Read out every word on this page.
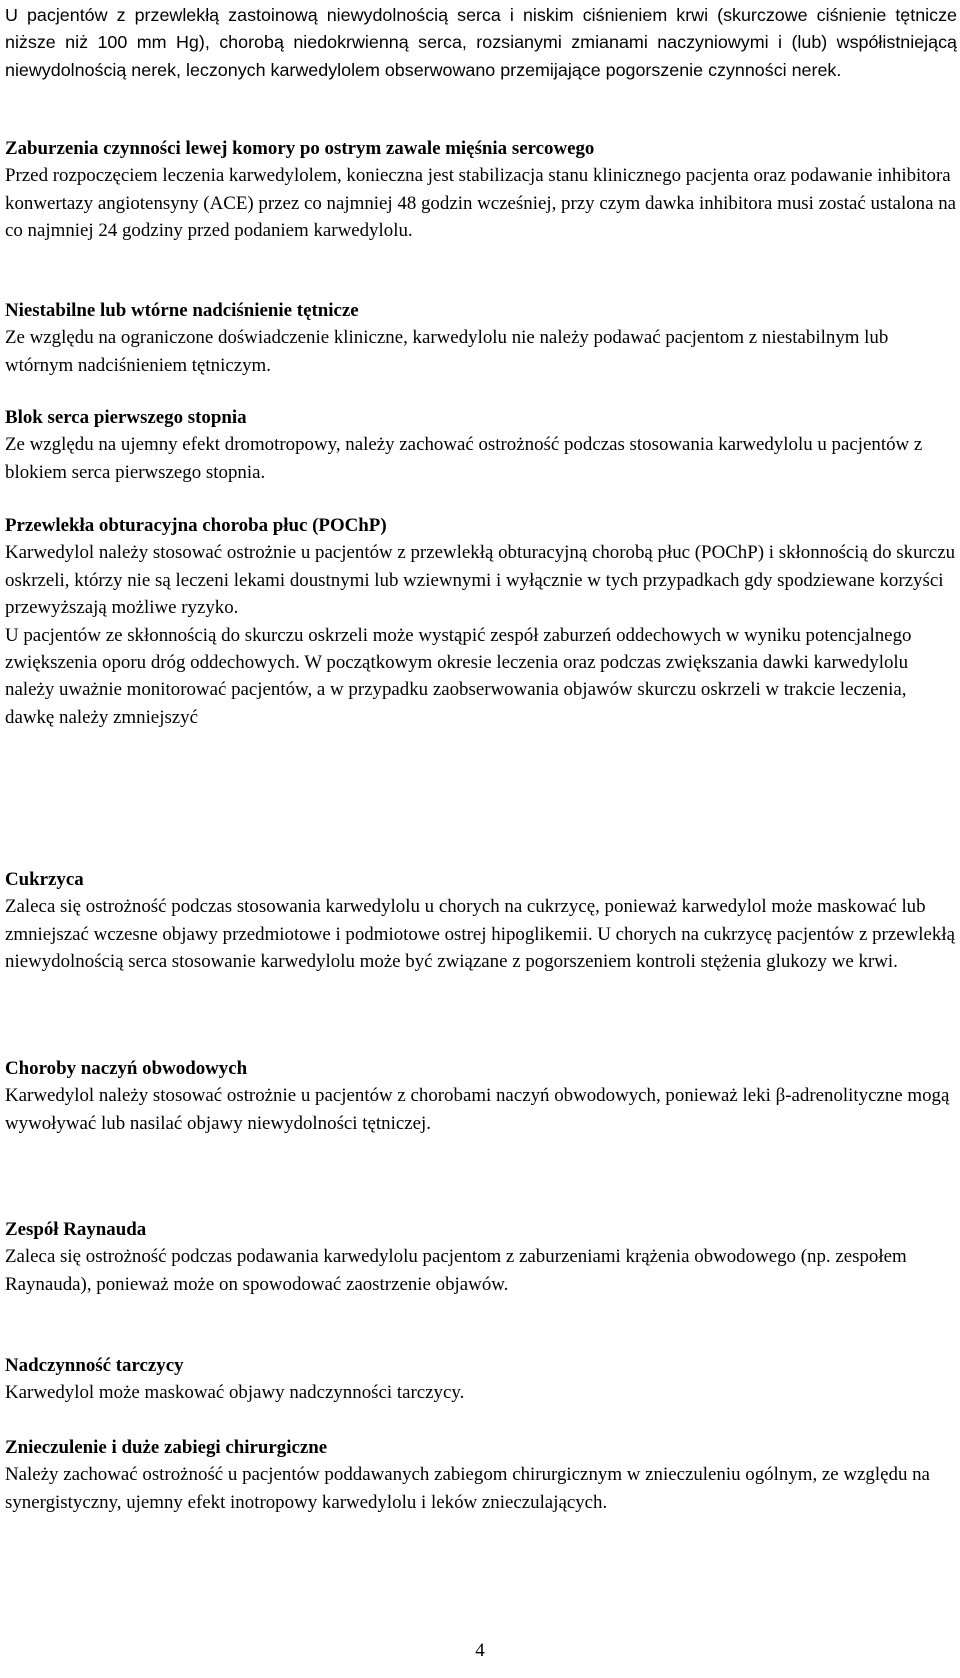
U pacjentów z przewlekłą zastoinową niewydolnością serca i niskim ciśnieniem krwi (skurczowe ciśnienie tętnicze niższe niż 100 mm Hg), chorobą niedokrwienną serca, rozsianymi zmianami naczyniowymi i (lub) współistniejącą niewydolnością nerek, leczonych karwedylolem obserwowano przemijające pogorszenie czynności nerek.

Zaburzenia czynności lewej komory po ostrym zawale mięśnia sercowego

Przed rozpoczęciem leczenia karwedylolem, konieczna jest stabilizacja stanu klinicznego pacjenta oraz podawanie inhibitora konwertazy angiotensyny (ACE) przez co najmniej 48 godzin wcześniej, przy czym dawka inhibitora musi zostać ustalona na co najmniej 24 godziny przed podaniem karwedylolu.

Niestabilne lub wtórne nadciśnienie tętnicze

Ze względu na ograniczone doświadczenie kliniczne, karwedylolu nie należy podawać pacjentom z niestabilnym lub wtórnym nadciśnieniem tętniczym.

Blok serca pierwszego stopnia

Ze względu na ujemny efekt dromotropowy, należy zachować ostrożność podczas stosowania karwedylolu u pacjentów z blokiem serca pierwszego stopnia.

Przewlekła obturacyjna choroba płuc (POChP)

Karwedylol należy stosować ostrożnie u pacjentów z przewlekłą obturacyjną chorobą płuc (POChP) i skłonnością do skurczu oskrzeli, którzy nie są leczeni lekami doustnymi lub wziewnymi i wyłącznie w tych przypadkach gdy spodziewane korzyści przewyższają możliwe ryzyko.

U pacjentów ze skłonnością do skurczu oskrzeli może wystąpić zespół zaburzeń oddechowych w wyniku potencjalnego zwiększenia oporu dróg oddechowych. W początkowym okresie leczenia oraz podczas zwiększania dawki karwedylolu należy uważnie monitorować pacjentów, a w przypadku zaobserwowania objawów skurczu oskrzeli w trakcie leczenia, dawkę należy zmniejszyć

Cukrzyca

Zaleca się ostrożność podczas stosowania karwedylolu u chorych na cukrzycę, ponieważ karwedylol może maskować lub zmniejszać wczesne objawy przedmiotowe i podmiotowe ostrej hipoglikemii. U chorych na cukrzycę pacjentów z przewlekłą niewydolnością serca stosowanie karwedylolu może być związane z pogorszeniem kontroli stężenia glukozy we krwi.

Choroby naczyń obwodowych

Karwedylol należy stosować ostrożnie u pacjentów z chorobami naczyń obwodowych, ponieważ leki β-adrenolityczne mogą wywoływać lub nasilać objawy niewydolności tętniczej.

Zespół Raynauda

Zaleca się ostrożność podczas podawania karwedylolu pacjentom z zaburzeniami krążenia obwodowego (np. zespołem Raynauda), ponieważ może on spowodować zaostrzenie objawów.

Nadczynność tarczycy

Karwedylol może maskować objawy nadczynności tarczycy.

Znieczulenie i duże zabiegi chirurgiczne

Należy zachować ostrożność u pacjentów poddawanych zabiegom chirurgicznym w znieczuleniu ogólnym, ze względu na synergistyczny, ujemny efekt inotropowy karwedylolu i leków znieczulających.

4
